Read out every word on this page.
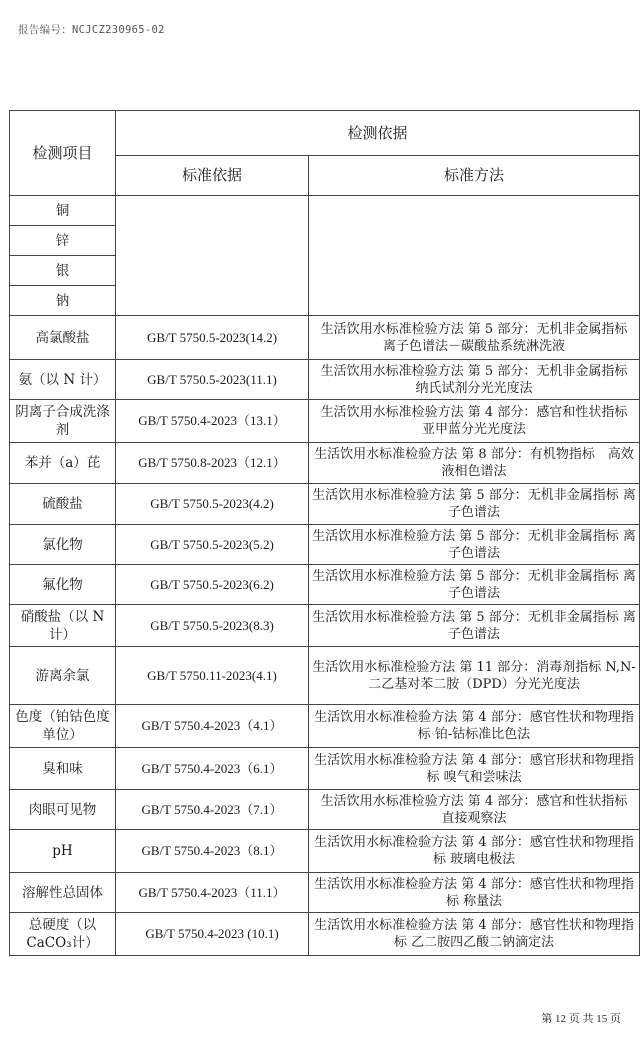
报告编号：NCJCZ230965-02
检测项目	检测依据	
	标准依据	标准方法
铜		
锌		
银		
钠		
高氯酸盐	GB/T 5750.5-2023(14.2)	生活饮用水标准检验方法 第 5 部分：无机非金属指标　离子色谱法－碳酸盐系统淋洗液
氨（以 N 计）	GB/T 5750.5-2023(11.1)	生活饮用水标准检验方法 第 5 部分：无机非金属指标　纳氏试剂分光光度法
阴离子合成洗涤剂	GB/T 5750.4-2023（13.1）	生活饮用水标准检验方法 第 4 部分：感官和性状指标　亚甲蓝分光光度法
苯并（a）芘	GB/T 5750.8-2023（12.1）	生活饮用水标准检验方法 第 8 部分：有机物指标　高效液相色谱法
硫酸盐	GB/T 5750.5-2023(4.2)	生活饮用水标准检验方法 第 5 部分：无机非金属指标 离子色谱法
氯化物	GB/T 5750.5-2023(5.2)	生活饮用水标准检验方法 第 5 部分：无机非金属指标 离子色谱法
氟化物	GB/T 5750.5-2023(6.2)	生活饮用水标准检验方法 第 5 部分：无机非金属指标 离子色谱法
硝酸盐（以 N 计）	GB/T 5750.5-2023(8.3)	生活饮用水标准检验方法 第 5 部分：无机非金属指标 离子色谱法
游离余氯	GB/T 5750.11-2023(4.1)	生活饮用水标准检验方法 第 11 部分：消毒剂指标 N,N-二乙基对苯二胺（DPD）分光光度法
色度（铂钴色度单位）	GB/T 5750.4-2023（4.1）	生活饮用水标准检验方法 第 4 部分：感官性状和物理指标 铂-钴标准比色法
臭和味	GB/T 5750.4-2023（6.1）	生活饮用水标准检验方法 第 4 部分：感官形状和物理指标 嗅气和尝味法
肉眼可见物	GB/T 5750.4-2023（7.1）	生活饮用水标准检验方法 第 4 部分：感官和性状指标　直接观察法
pH	GB/T 5750.4-2023（8.1）	生活饮用水标准检验方法 第 4 部分：感官性状和物理指标 玻璃电极法
溶解性总固体	GB/T 5750.4-2023（11.1）	生活饮用水标准检验方法 第 4 部分：感官性状和物理指标 称量法
总硬度（以CaCO₃计）	GB/T 5750.4-2023 (10.1)	生活饮用水标准检验方法 第 4 部分：感官性状和物理指标 乙二胺四乙酸二钠滴定法
第 12 页 共 15 页
